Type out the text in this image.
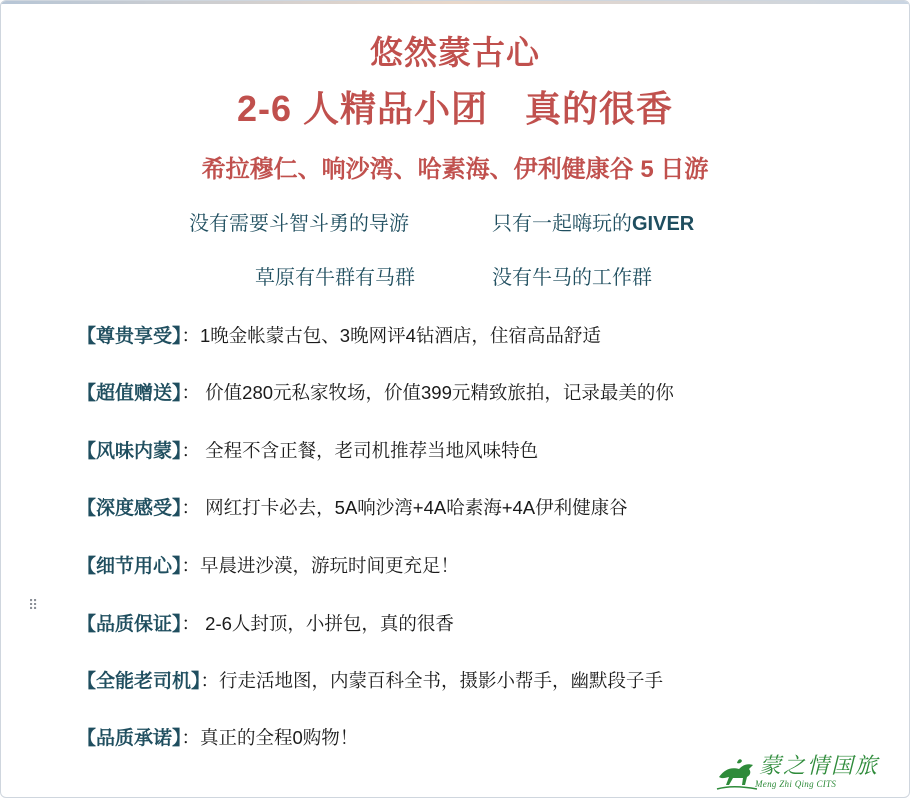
悠然蒙古心
2-6 人精品小团　真的很香
希拉穆仁、响沙湾、哈素海、伊利健康谷 5 日游
没有需要斗智斗勇的导游	只有一起嗨玩的GIVER
草原有牛群有马群	没有牛马的工作群
【尊贵享受】：1晚金帐蒙古包、3晚网评4钻酒店，住宿高品舒适
【超值赠送】： 价值280元私家牧场，价值399元精致旅拍，记录最美的你
【风味内蒙】： 全程不含正餐，老司机推荐当地风味特色
【深度感受】： 网红打卡必去，5A响沙湾+4A哈素海+4A伊利健康谷
【细节用心】：早晨进沙漠，游玩时间更充足！
【品质保证】： 2-6人封顶，小拼包，真的很香
【全能老司机】：行走活地图，内蒙百科全书，摄影小帮手，幽默段子手
【品质承诺】：真正的全程0购物！
⠿
蒙之情国旅
Meng Zhi Qing CITS
